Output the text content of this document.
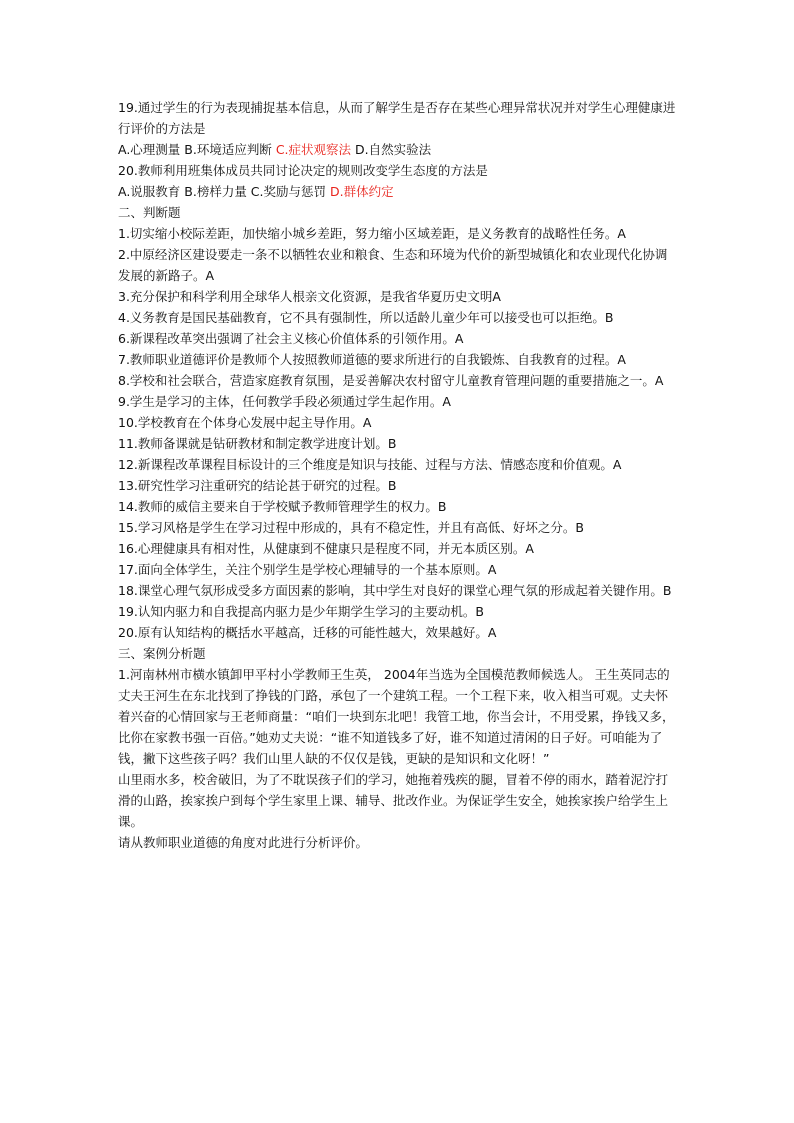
19.通过学生的行为表现捕捉基本信息，从而了解学生是否存在某些心理异常状况并对学生心理健康进行评价的方法是

A.心理测量 B.环境适应判断 C.症状观察法 D.自然实验法

20.教师利用班集体成员共同讨论决定的规则改变学生态度的方法是

A.说服教育 B.榜样力量 C.奖励与惩罚 D.群体约定

二、判断题

1.切实缩小校际差距，加快缩小城乡差距，努力缩小区域差距，是义务教育的战略性任务。A

2.中原经济区建设要走一条不以牺牲农业和粮食、生态和环境为代价的新型城镇化和农业现代化协调发展的新路子。A

3.充分保护和科学利用全球华人根亲文化资源，是我省华夏历史文明A

4.义务教育是国民基础教育，它不具有强制性，所以适龄儿童少年可以接受也可以拒绝。B

6.新课程改革突出强调了社会主义核心价值体系的引领作用。A

7.教师职业道德评价是教师个人按照教师道德的要求所进行的自我锻炼、自我教育的过程。A

8.学校和社会联合，营造家庭教育氛围，是妥善解决农村留守儿童教育管理问题的重要措施之一。A

9.学生是学习的主体，任何教学手段必须通过学生起作用。A

10.学校教育在个体身心发展中起主导作用。A

11.教师备课就是钻研教材和制定教学进度计划。B

12.新课程改革课程目标设计的三个维度是知识与技能、过程与方法、情感态度和价值观。A

13.研究性学习注重研究的结论甚于研究的过程。B

14.教师的威信主要来自于学校赋予教师管理学生的权力。B

15.学习风格是学生在学习过程中形成的，具有不稳定性，并且有高低、好坏之分。B

16.心理健康具有相对性，从健康到不健康只是程度不同，并无本质区别。A

17.面向全体学生，关注个别学生是学校心理辅导的一个基本原则。A

18.课堂心理气氛形成受多方面因素的影响，其中学生对良好的课堂心理气氛的形成起着关键作用。B

19.认知内驱力和自我提高内驱力是少年期学生学习的主要动机。B

20.原有认知结构的概括水平越高，迁移的可能性越大，效果越好。A

三、案例分析题

1.河南林州市横水镇卸甲平村小学教师王生英， 2004年当选为全国模范教师候选人。 王生英同志的丈夫王河生在东北找到了挣钱的门路，承包了一个建筑工程。一个工程下来，收入相当可观。丈夫怀着兴奋的心情回家与王老师商量：“咱们一块到东北吧！我管工地，你当会计，不用受累，挣钱又多，比你在家教书强一百倍。”她劝丈夫说：“谁不知道钱多了好，谁不知道过清闲的日子好。可咱能为了钱，撇下这些孩子吗？我们山里人缺的不仅仅是钱，更缺的是知识和文化呀！”

山里雨水多，校舍破旧，为了不耽误孩子们的学习，她拖着残疾的腿，冒着不停的雨水，踏着泥泞打滑的山路，挨家挨户到每个学生家里上课、辅导、批改作业。为保证学生安全，她挨家挨户给学生上课。

请从教师职业道德的角度对此进行分析评价。
